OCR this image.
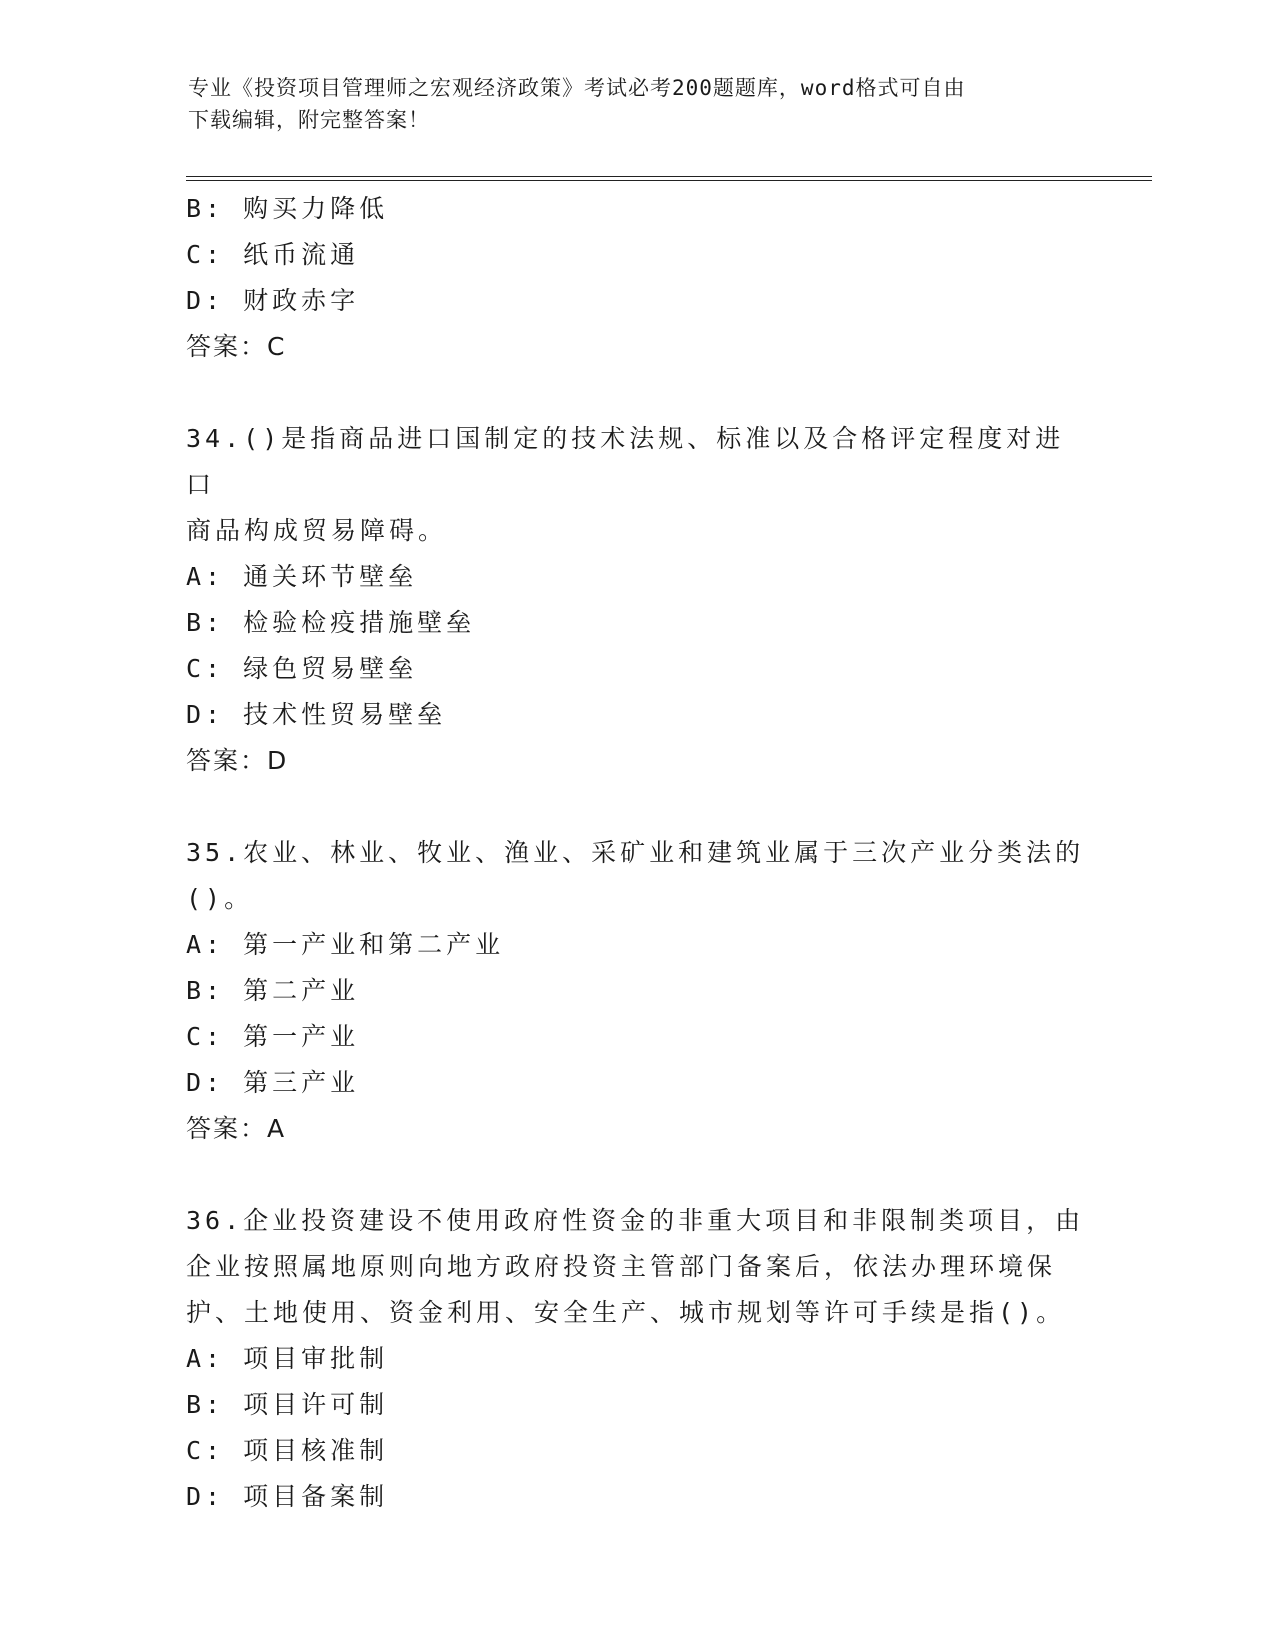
专业《投资项目管理师之宏观经济政策》考试必考200题题库，word格式可自由
下载编辑，附完整答案！
B: 购买力降低
C: 纸币流通
D: 财政赤字
答案：C
34.()是指商品进口国制定的技术法规、标准以及合格评定程度对进口
商品构成贸易障碍。
A: 通关环节壁垒
B: 检验检疫措施壁垒
C: 绿色贸易壁垒
D: 技术性贸易壁垒
答案：D
35.农业、林业、牧业、渔业、采矿业和建筑业属于三次产业分类法的
()。
A: 第一产业和第二产业
B: 第二产业
C: 第一产业
D: 第三产业
答案：A
36.企业投资建设不使用政府性资金的非重大项目和非限制类项目，由
企业按照属地原则向地方政府投资主管部门备案后，依法办理环境保
护、土地使用、资金利用、安全生产、城市规划等许可手续是指()。
A: 项目审批制
B: 项目许可制
C: 项目核准制
D: 项目备案制
